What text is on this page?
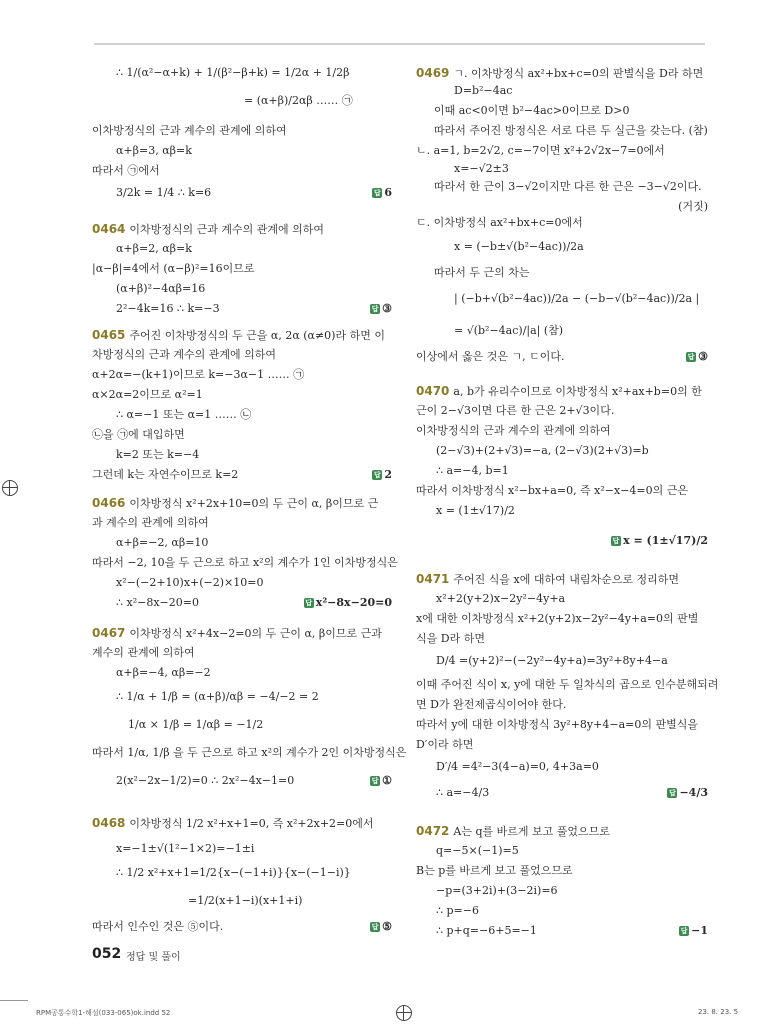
∴ 1/(α²−α+k) + 1/(β²−β+k) = 1/2α + 1/2β
= (α+β)/2αβ …… ㉠
이차방정식의 근과 계수의 관계에 의하여
α+β=3, αβ=k
따라서 ㉠에서
3/2k = 1/4 ∴ k=6	답 6
0464 이차방정식의 근과 계수의 관계에 의하여
α+β=2, αβ=k
|α−β|=4에서 (α−β)²=16이므로
(α+β)²−4αβ=16
2²−4k=16 ∴ k=−3	답 ③
0465 주어진 이차방정식의 두 근을 α, 2α (α≠0)라 하면 이
차방정식의 근과 계수의 관계에 의하여
α+2α=−(k+1)이므로 k=−3α−1 …… ㉠
α×2α=2이므로 α²=1
∴ α=−1 또는 α=1 …… ㉡
㉡을 ㉠에 대입하면
k=2 또는 k=−4
그런데 k는 자연수이므로 k=2	답 2
0466 이차방정식 x²+2x+10=0의 두 근이 α, β이므로 근
과 계수의 관계에 의하여
α+β=−2, αβ=10
따라서 −2, 10을 두 근으로 하고 x²의 계수가 1인 이차방정식은
x²−(−2+10)x+(−2)×10=0
∴ x²−8x−20=0	답 x²−8x−20=0
0467 이차방정식 x²+4x−2=0의 두 근이 α, β이므로 근과
계수의 관계에 의하여
α+β=−4, αβ=−2
∴ 1/α + 1/β = (α+β)/αβ = −4/−2 = 2
1/α × 1/β = 1/αβ = −1/2
따라서 1/α, 1/β 을 두 근으로 하고 x²의 계수가 2인 이차방정식은
2(x²−2x−1/2)=0 ∴ 2x²−4x−1=0	답 ①
0468 이차방정식 1/2 x²+x+1=0, 즉 x²+2x+2=0에서
x=−1±√(1²−1×2)=−1±i
∴ 1/2 x²+x+1=1/2{x−(−1+i)}{x−(−1−i)}
=1/2(x+1−i)(x+1+i)
따라서 인수인 것은 ⑤이다.	답 ⑤
0469 ㄱ. 이차방정식 ax²+bx+c=0의 판별식을 D라 하면
D=b²−4ac
이때 ac<0이면 b²−4ac>0이므로 D>0
따라서 주어진 방정식은 서로 다른 두 실근을 갖는다. (참)
ㄴ. a=1, b=2√2, c=−7이면 x²+2√2x−7=0에서
x=−√2±3
따라서 한 근이 3−√2이지만 다른 한 근은 −3−√2이다.
(거짓)
ㄷ. 이차방정식 ax²+bx+c=0에서
x = (−b±√(b²−4ac))/2a
따라서 두 근의 차는
| (−b+√(b²−4ac))/2a − (−b−√(b²−4ac))/2a |
= √(b²−4ac)/|a| (참)
이상에서 옳은 것은 ㄱ, ㄷ이다.	답 ③
0470 a, b가 유리수이므로 이차방정식 x²+ax+b=0의 한
근이 2−√3이면 다른 한 근은 2+√3이다.
이차방정식의 근과 계수의 관계에 의하여
(2−√3)+(2+√3)=−a, (2−√3)(2+√3)=b
∴ a=−4, b=1
따라서 이차방정식 x²−bx+a=0, 즉 x²−x−4=0의 근은
x = (1±√17)/2
답 x = (1±√17)/2
0471 주어진 식을 x에 대하여 내림차순으로 정리하면
x²+2(y+2)x−2y²−4y+a
x에 대한 이차방정식 x²+2(y+2)x−2y²−4y+a=0의 판별
식을 D라 하면
D/4 =(y+2)²−(−2y²−4y+a)=3y²+8y+4−a
이때 주어진 식이 x, y에 대한 두 일차식의 곱으로 인수분해되려
면 D가 완전제곱식이어야 한다.
따라서 y에 대한 이차방정식 3y²+8y+4−a=0의 판별식을
D′이라 하면
D′/4 =4²−3(4−a)=0, 4+3a=0
∴ a=−4/3	답 −4/3
0472 A는 q를 바르게 보고 풀었으므로
q=−5×(−1)=5
B는 p를 바르게 보고 풀었으므로
−p=(3+2i)+(3−2i)=6
∴ p=−6
∴ p+q=−6+5=−1	답 −1
052 정답 및 풀이
RPM공통수학1-해설(033-065)ok.indd 52	23. 8. 23. 5
